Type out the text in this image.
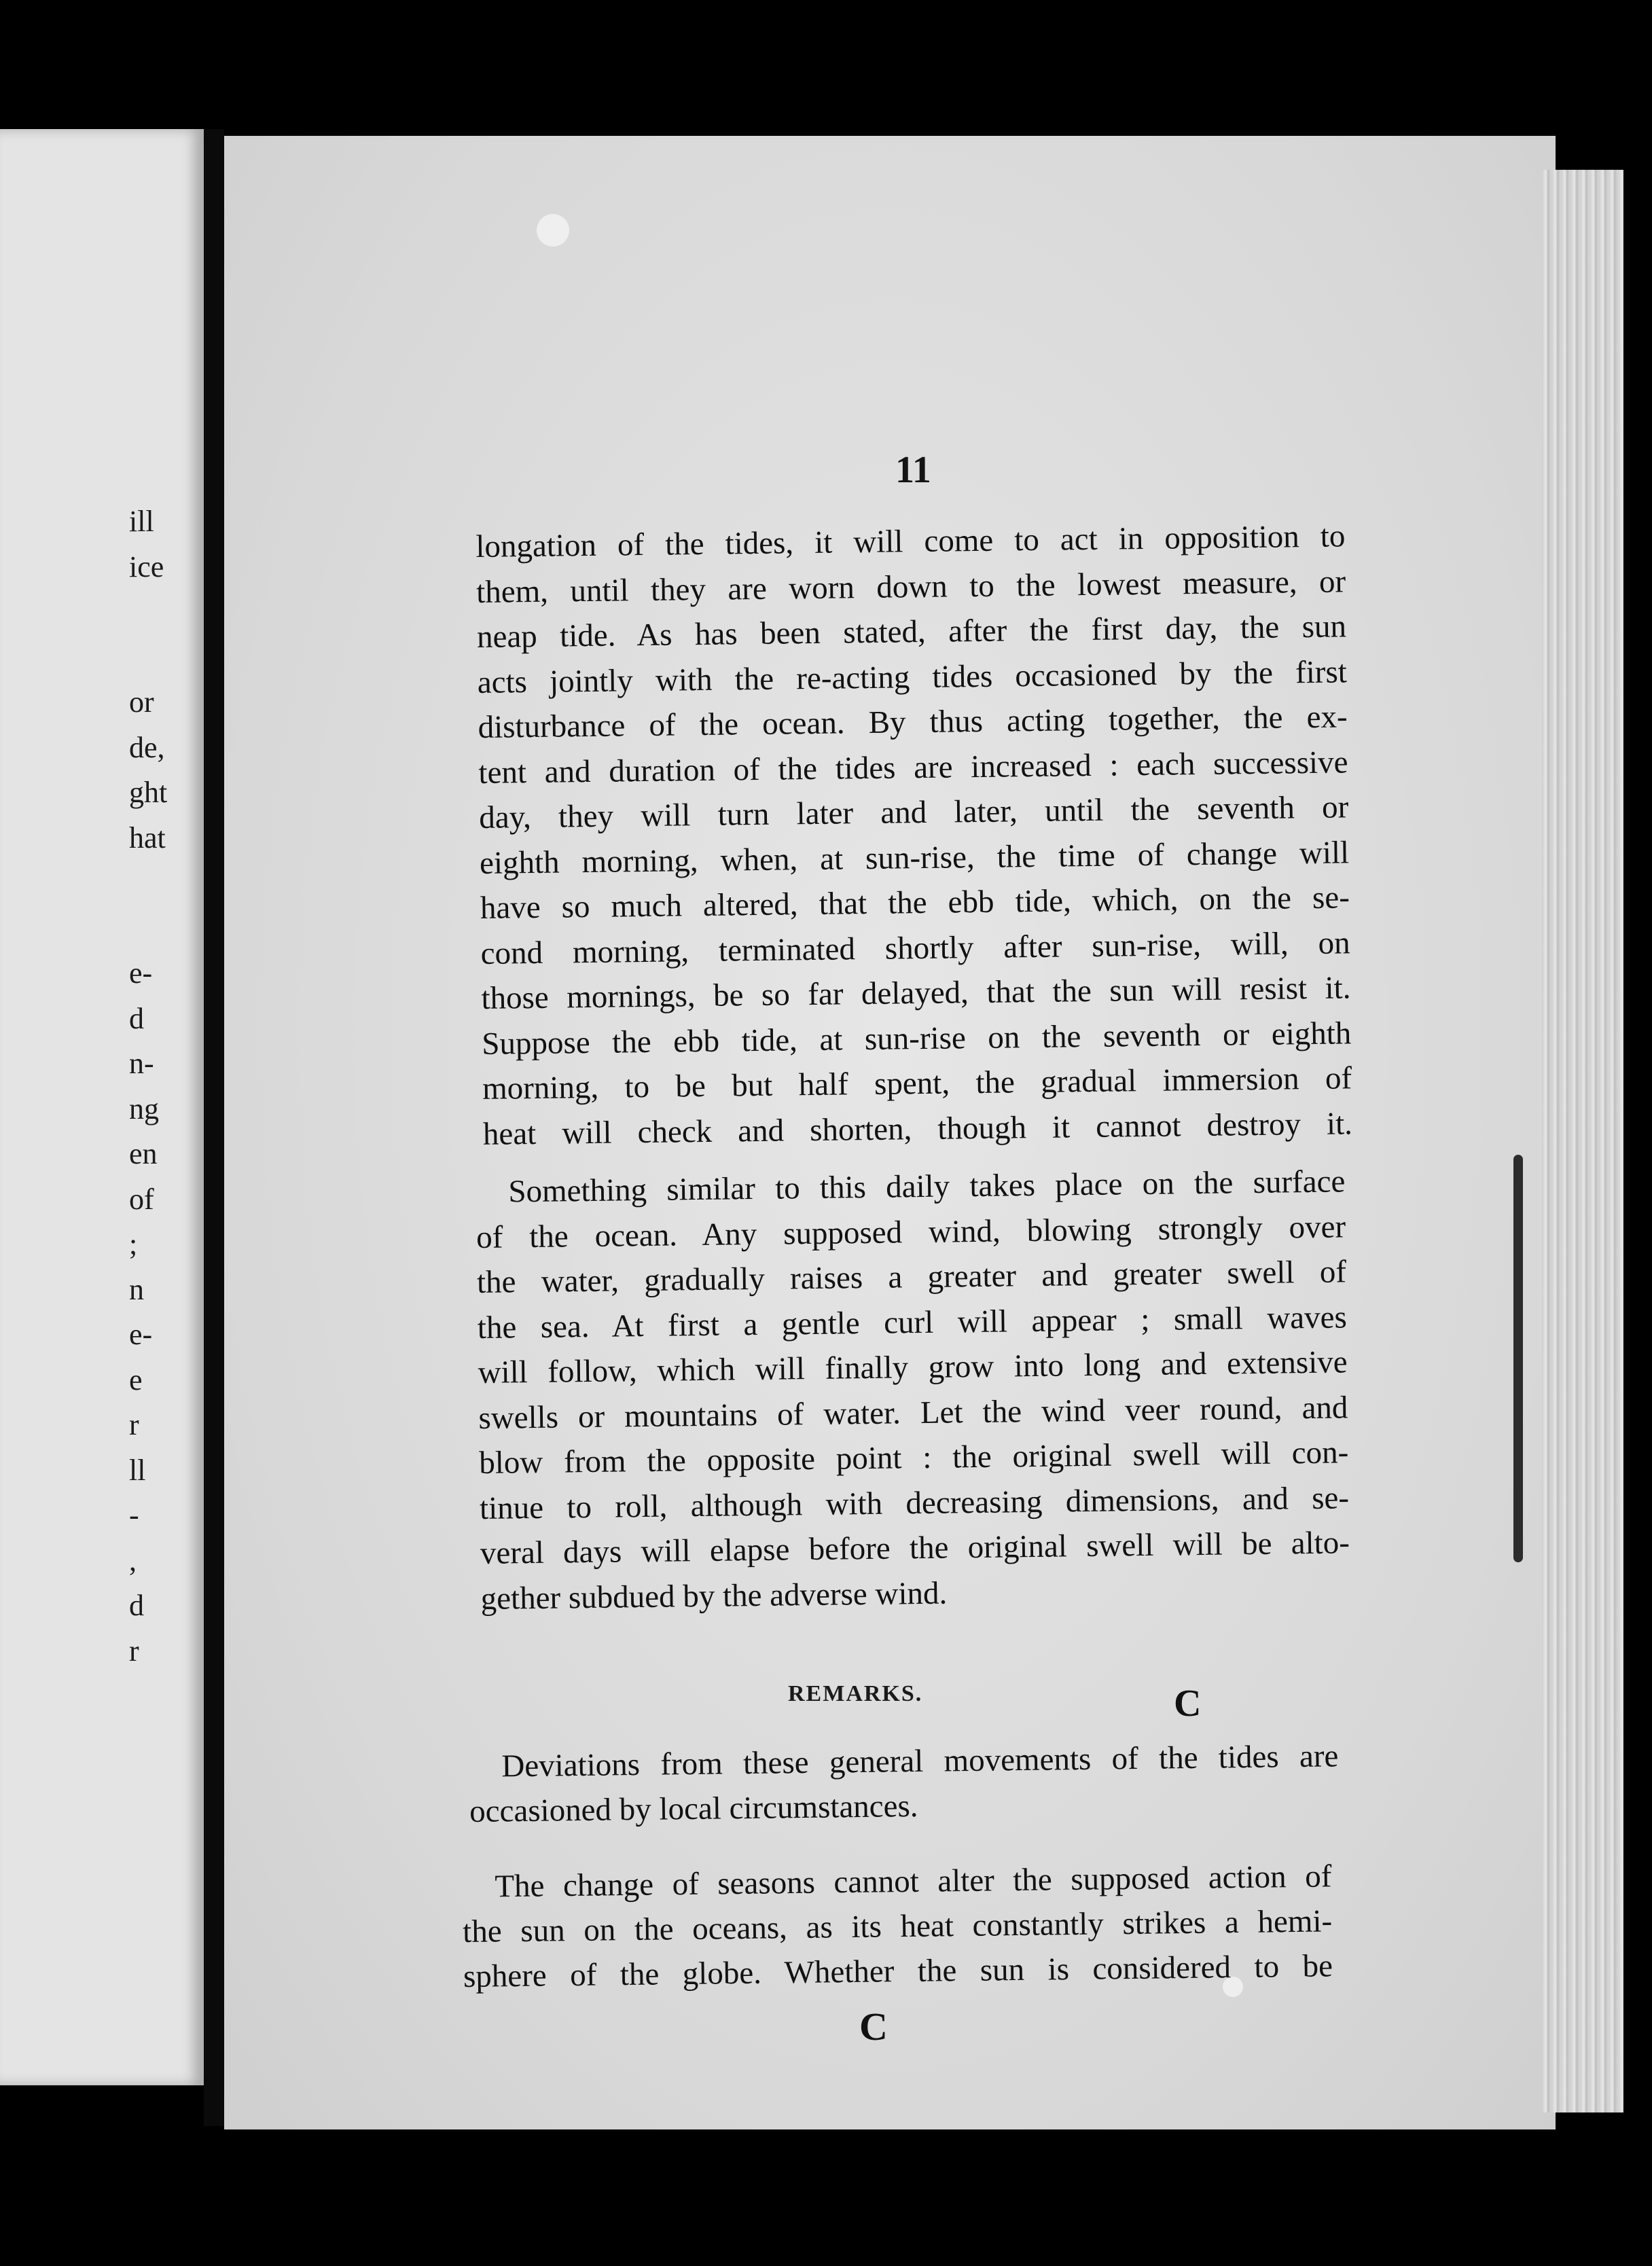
ill
ice
or
de,
ght
hat
e-
d
n-
ng
en
of
;
n
e-
e
r
ll
-
,
d
r
11
longation of the tides, it will come to act in opposition to
them, until they are worn down to the lowest measure, or
neap tide. As has been stated, after the first day, the sun
acts jointly with the re-acting tides occasioned by the first
disturbance of the ocean. By thus acting together, the ex-
tent and duration of the tides are increased : each successive
day, they will turn later and later, until the seventh or
eighth morning, when, at sun-rise, the time of change will
have so much altered, that the ebb tide, which, on the se-
cond morning, terminated shortly after sun-rise, will, on
those mornings, be so far delayed, that the sun will resist it.
Suppose the ebb tide, at sun-rise on the seventh or eighth
morning, to be but half spent, the gradual immersion of
heat will check and shorten, though it cannot destroy it.
Something similar to this daily takes place on the surface
of the ocean. Any supposed wind, blowing strongly over
the water, gradually raises a greater and greater swell of
the sea. At first a gentle curl will appear ; small waves
will follow, which will finally grow into long and extensive
swells or mountains of water. Let the wind veer round, and
blow from the opposite point : the original swell will con-
tinue to roll, although with decreasing dimensions, and se-
veral days will elapse before the original swell will be alto-
gether subdued by the adverse wind.
REMARKS.	C
Deviations from these general movements of the tides are
occasioned by local circumstances.
The change of seasons cannot alter the supposed action of
the sun on the oceans, as its heat constantly strikes a hemi-
sphere of the globe. Whether the sun is considered to be
C
